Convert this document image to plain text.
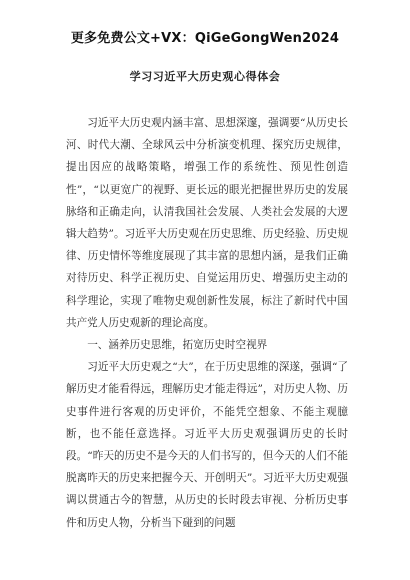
更多免费公文+VX：QiGeGongWen2024
学习习近平大历史观心得体会

习近平大历史观内涵丰富、思想深邃，强调要“从历史长河、时代大潮、全球风云中分析演变机理、探究历史规律，提出因应的战略策略，增强工作的系统性、预见性创造性”，“以更宽广的视野、更长远的眼光把握世界历史的发展脉络和正确走向，认清我国社会发展、人类社会发展的大逻辑大趋势”。习近平大历史观在历史思维、历史经验、历史规律、历史情怀等维度展现了其丰富的思想内涵，是我们正确对待历史、科学正视历史、自觉运用历史、增强历史主动的科学理论，实现了唯物史观创新性发展，标注了新时代中国共产党人历史观新的理论高度。

一、涵养历史思维，拓宽历史时空视界

习近平大历史观之“大”，在于历史思维的深遂，强调“了解历史才能看得远，理解历史才能走得远”，对历史人物、历史事件进行客观的历史评价，不能凭空想象、不能主观臆断，也不能任意选择。习近平大历史观强调历史的长时段。“昨天的历史不是今天的人们书写的，但今天的人们不能脱离昨天的历史来把握今天、开创明天”。习近平大历史观强调以贯通古今的智慧，从历史的长时段去审视、分析历史事件和历史人物，分析当下碰到的问题
